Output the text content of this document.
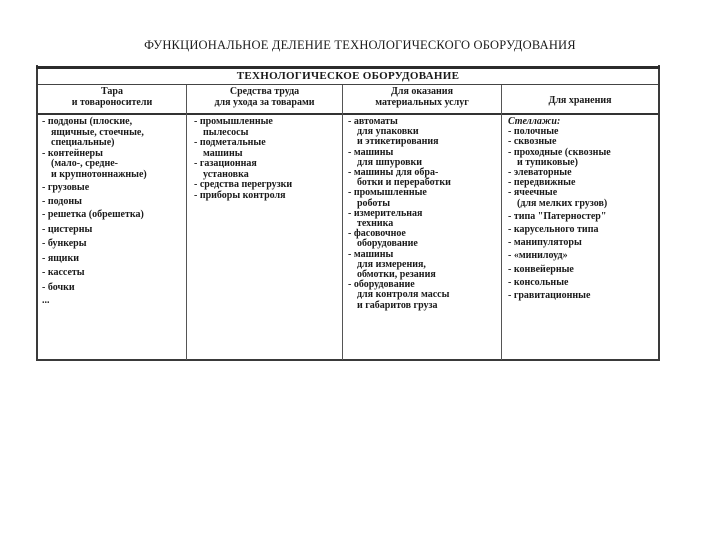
ФУНКЦИОНАЛЬНОЕ ДЕЛЕНИЕ ТЕХНОЛОГИЧЕСКОГО ОБОРУДОВАНИЯ
ТЕХНОЛОГИЧЕСКОЕ ОБОРУДОВАНИЕ
Тара
и товароносители
Средства труда
для ухода за товарами
Для оказания
материальных услуг	Для хранения
- поддоны (плоские,
ящичные, стоечные,
специальные)
- контейнеры
(мало-, средне-
и крупнотоннажные)
- грузовые
- подоны
- решетка (обрешетка)
- цистерны
- бункеры
- ящики
- кассеты
- бочки
...
- промышленные
пылесосы
- подметальные
машины
- газационная
установка
- средства перегрузки
- приборы контроля
- автоматы
для упаковки
и этикетирования
- машины
для шпуровки
- машины для обра-
ботки и переработки
- промышленные
роботы
- измерительная
техника
- фасовочное
оборудование
- машины
для измерения,
обмотки, резания
- оборудование
для контроля массы
и габаритов груза
Стеллажи:
- полочные
- сквозные
- проходные (сквозные
и тупиковые)
- элеваторные
- передвижные
- ячеечные
(для мелких грузов)
- типа "Патерностер"
- карусельного типа
- манипуляторы
- «минилоуд»
- конвейерные
- консольные
- гравитационные
